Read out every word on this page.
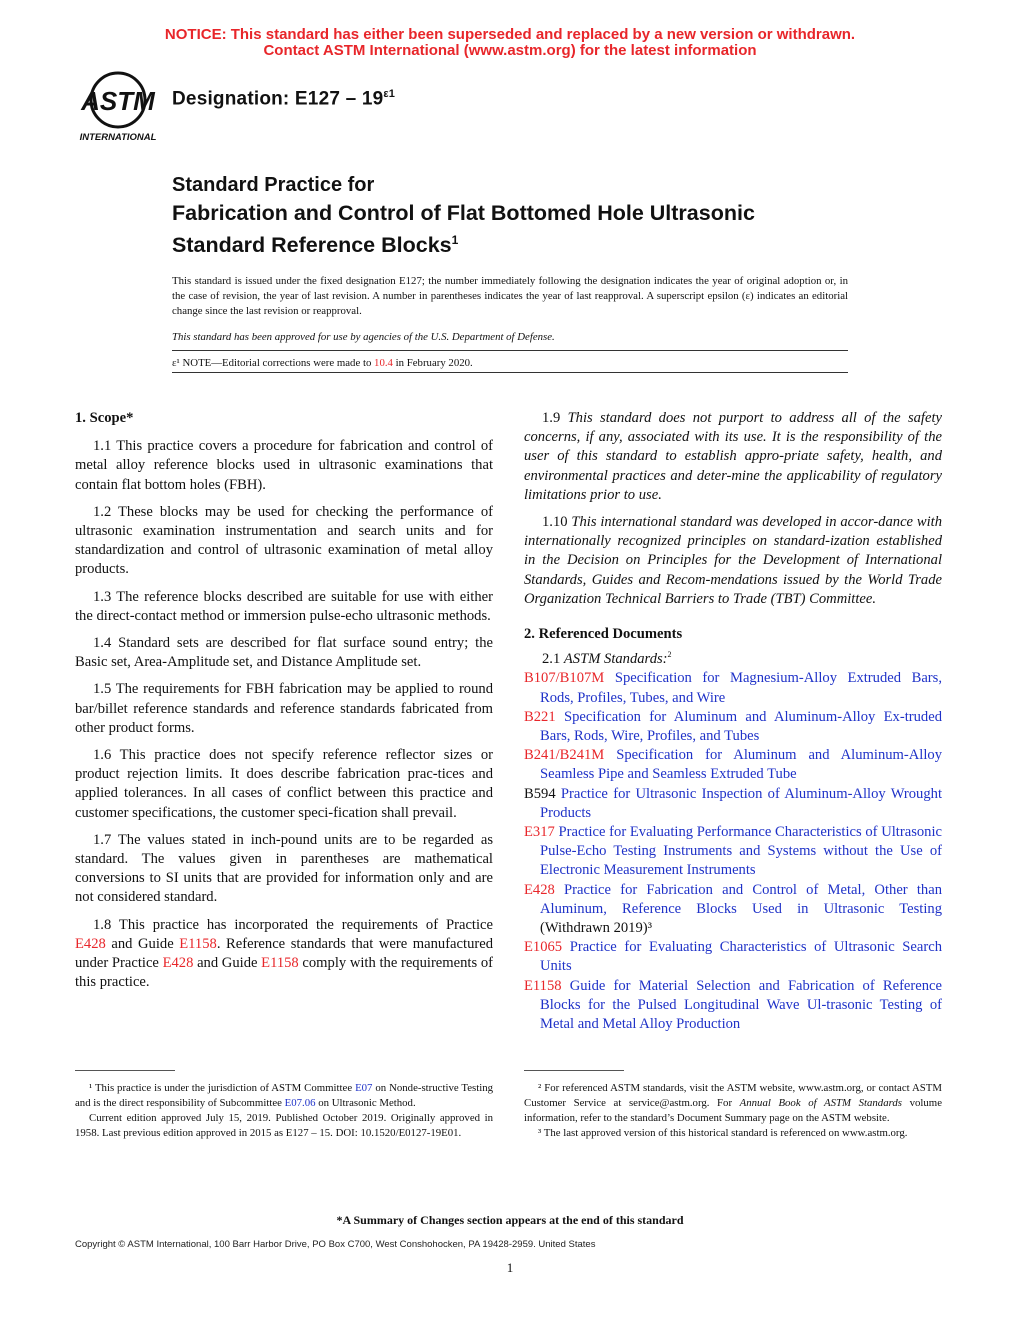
NOTICE: This standard has either been superseded and replaced by a new version or withdrawn.
Contact ASTM International (www.astm.org) for the latest information
ASTM
INTERNATIONAL
Designation: $E127 - 19^{\varepsilon 1}$
Standard Practice for
Fabrication and Control of Flat Bottomed Hole Ultrasonic
Standard Reference Blocks$^1$
This standard is issued under the fixed designation E127; the number immediately following the designation indicates the year of original adoption or, in the case of revision, the year of last revision. A number in parentheses indicates the year of last reapproval. A superscript epsilon (ε) indicates an editorial change since the last revision or reapproval.
This standard has been approved for use by agencies of the U.S. Department of Defense.
ε¹ NOTE—Editorial corrections were made to 10.4 in February 2020.

1. Scope*

1.1 This practice covers a procedure for fabrication and control of metal alloy reference blocks used in ultrasonic examinations that contain flat bottom holes (FBH).

1.2 These blocks may be used for checking the performance of ultrasonic examination instrumentation and search units and for standardization and control of ultrasonic examination of metal alloy products.

1.3 The reference blocks described are suitable for use with either the direct-contact method or immersion pulse-echo ultrasonic methods.

1.4 Standard sets are described for flat surface sound entry; the Basic set, Area-Amplitude set, and Distance Amplitude set.

1.5 The requirements for FBH fabrication may be applied to round bar/billet reference standards and reference standards fabricated from other product forms.

1.6 This practice does not specify reference reflector sizes or product rejection limits. It does describe fabrication prac-tices and applied tolerances. In all cases of conflict between this practice and customer specifications, the customer speci-fication shall prevail.

1.7 The values stated in inch-pound units are to be regarded as standard. The values given in parentheses are mathematical conversions to SI units that are provided for information only and are not considered standard.

1.8 This practice has incorporated the requirements of Practice E428 and Guide E1158. Reference standards that were manufactured under Practice E428 and Guide E1158 comply with the requirements of this practice.

1.9 This standard does not purport to address all of the safety concerns, if any, associated with its use. It is the responsibility of the user of this standard to establish appro-priate safety, health, and environmental practices and deter-mine the applicability of regulatory limitations prior to use.

1.10 This international standard was developed in accor-dance with internationally recognized principles on standard-ization established in the Decision on Principles for the Development of International Standards, Guides and Recom-mendations issued by the World Trade Organization Technical Barriers to Trade (TBT) Committee.

2. Referenced Documents

2.1 ASTM Standards:$^2$

B107/B107M Specification for Magnesium-Alloy Extruded Bars, Rods, Profiles, Tubes, and Wire

B221 Specification for Aluminum and Aluminum-Alloy Ex-truded Bars, Rods, Wire, Profiles, and Tubes

B241/B241M Specification for Aluminum and Aluminum-Alloy Seamless Pipe and Seamless Extruded Tube

B594 Practice for Ultrasonic Inspection of Aluminum-Alloy Wrought Products

E317 Practice for Evaluating Performance Characteristics of Ultrasonic Pulse-Echo Testing Instruments and Systems without the Use of Electronic Measurement Instruments

E428 Practice for Fabrication and Control of Metal, Other than Aluminum, Reference Blocks Used in Ultrasonic Testing (Withdrawn 2019)³

E1065 Practice for Evaluating Characteristics of Ultrasonic Search Units

E1158 Guide for Material Selection and Fabrication of Reference Blocks for the Pulsed Longitudinal Wave Ul-trasonic Testing of Metal and Metal Alloy Production

¹ This practice is under the jurisdiction of ASTM Committee E07 on Nonde-structive Testing and is the direct responsibility of Subcommittee E07.06 on Ultrasonic Method.

Current edition approved July 15, 2019. Published October 2019. Originally approved in 1958. Last previous edition approved in 2015 as E127 – 15. DOI: 10.1520/E0127-19E01.

² For referenced ASTM standards, visit the ASTM website, www.astm.org, or contact ASTM Customer Service at service@astm.org. For Annual Book of ASTM Standards volume information, refer to the standard’s Document Summary page on the ASTM website.

³ The last approved version of this historical standard is referenced on www.astm.org.

*A Summary of Changes section appears at the end of this standard
Copyright © ASTM International, 100 Barr Harbor Drive, PO Box C700, West Conshohocken, PA 19428-2959. United States
1
